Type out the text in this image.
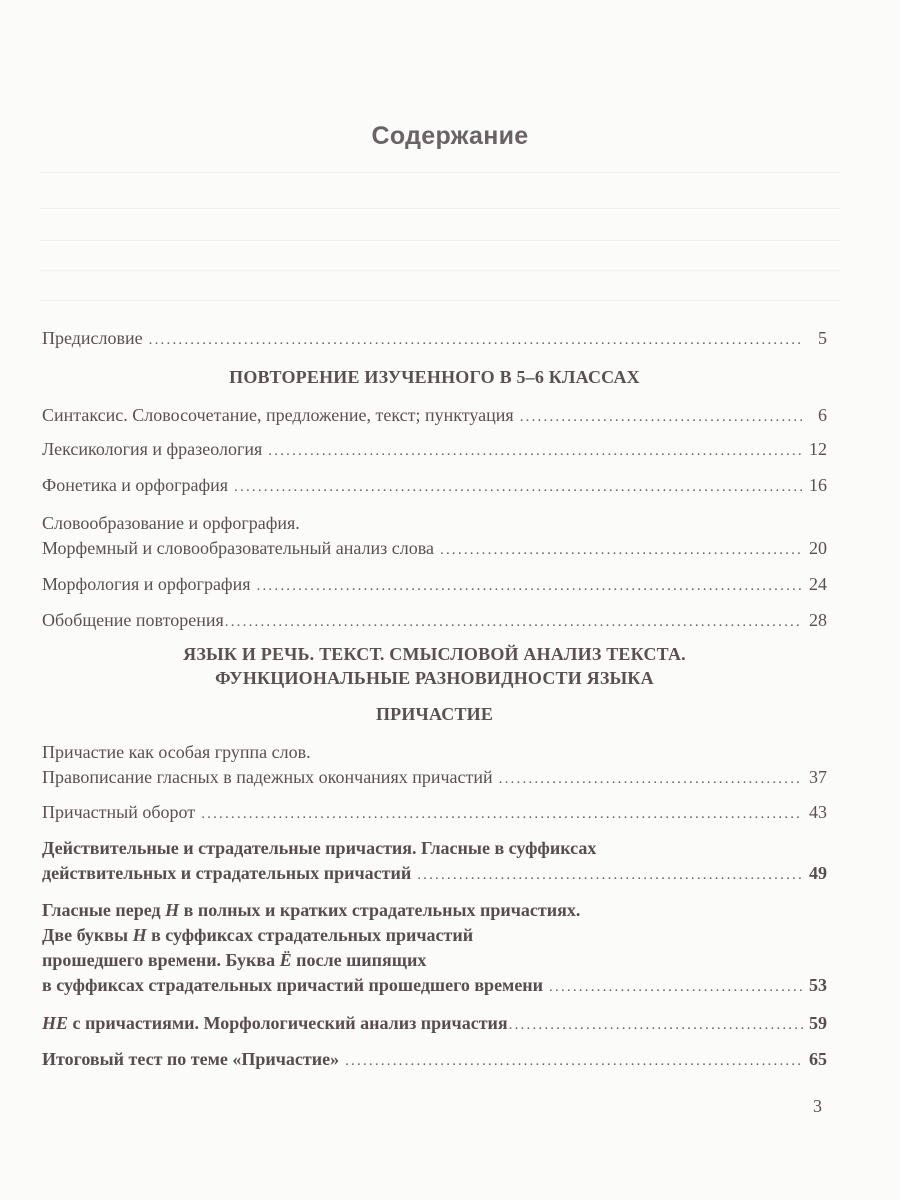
Содержание
Предисловие .....	5
ПОВТОРЕНИЕ ИЗУЧЕННОГО В 5–6 КЛАССАХ
Синтаксис. Словосочетание, предложение, текст; пунктуация .....	6
Лексикология и фразеология .....	12
Фонетика и орфография .....	16
Словообразование и орфография.
Морфемный и словообразовательный анализ слова .....	20
Морфология и орфография .....	24
Обобщение повторения .....	28
ЯЗЫК И РЕЧЬ. ТЕКСТ. СМЫСЛОВОЙ АНАЛИЗ ТЕКСТА.
ФУНКЦИОНАЛЬНЫЕ РАЗНОВИДНОСТИ ЯЗЫКА
ПРИЧАСТИЕ
Причастие как особая группа слов.
Правописание гласных в падежных окончаниях причастий .....	37
Причастный оборот .....	43
Действительные и страдательные причастия. Гласные в суффиксах
действительных и страдательных причастий .....	49
Гласные перед Н в полных и кратких страдательных причастиях.
Две буквы Н в суффиксах страдательных причастий
прошедшего времени. Буква Ё после шипящих
в суффиксах страдательных причастий прошедшего времени .....	53
НЕ с причастиями. Морфологический анализ причастия .....	59
Итоговый тест по теме «Причастие» .....	65
3
